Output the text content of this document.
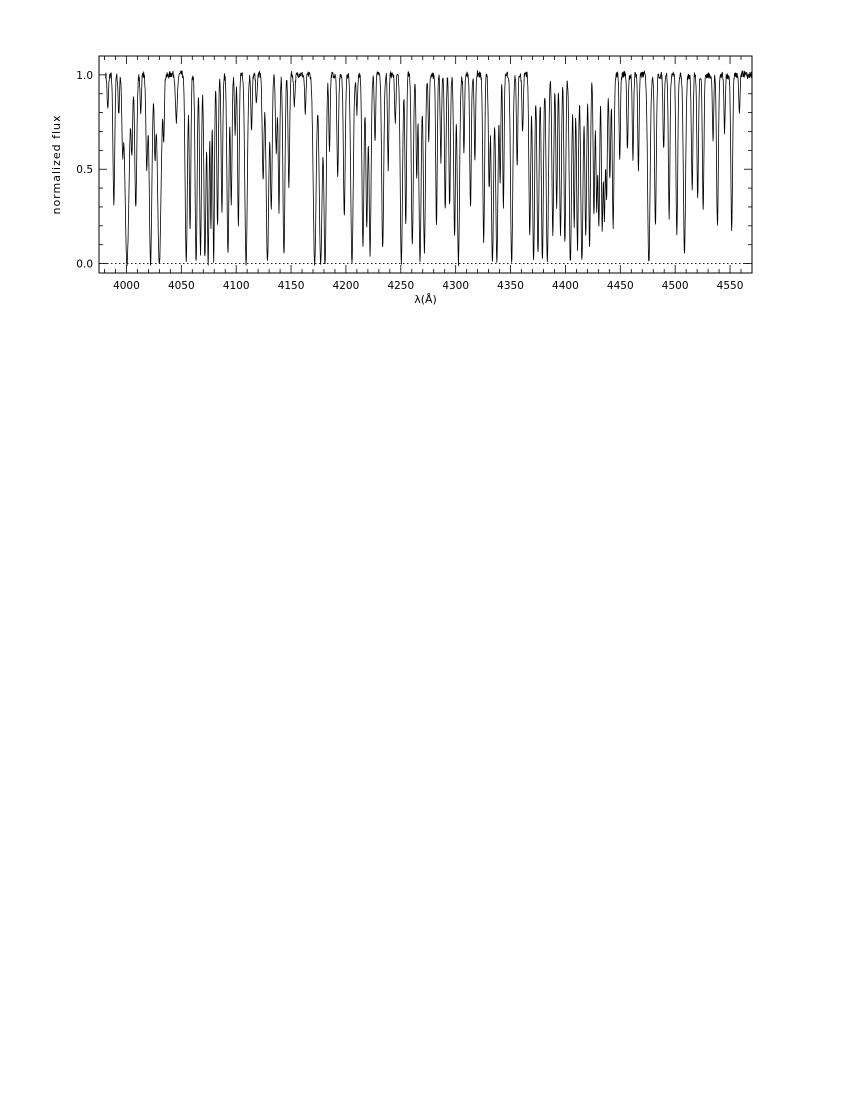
4000	4050	4100	4150	4200	4250	4300	4350	4400	4450	4500	4550
0.0
0.5
1.0
λ(Å)
normalized flux
